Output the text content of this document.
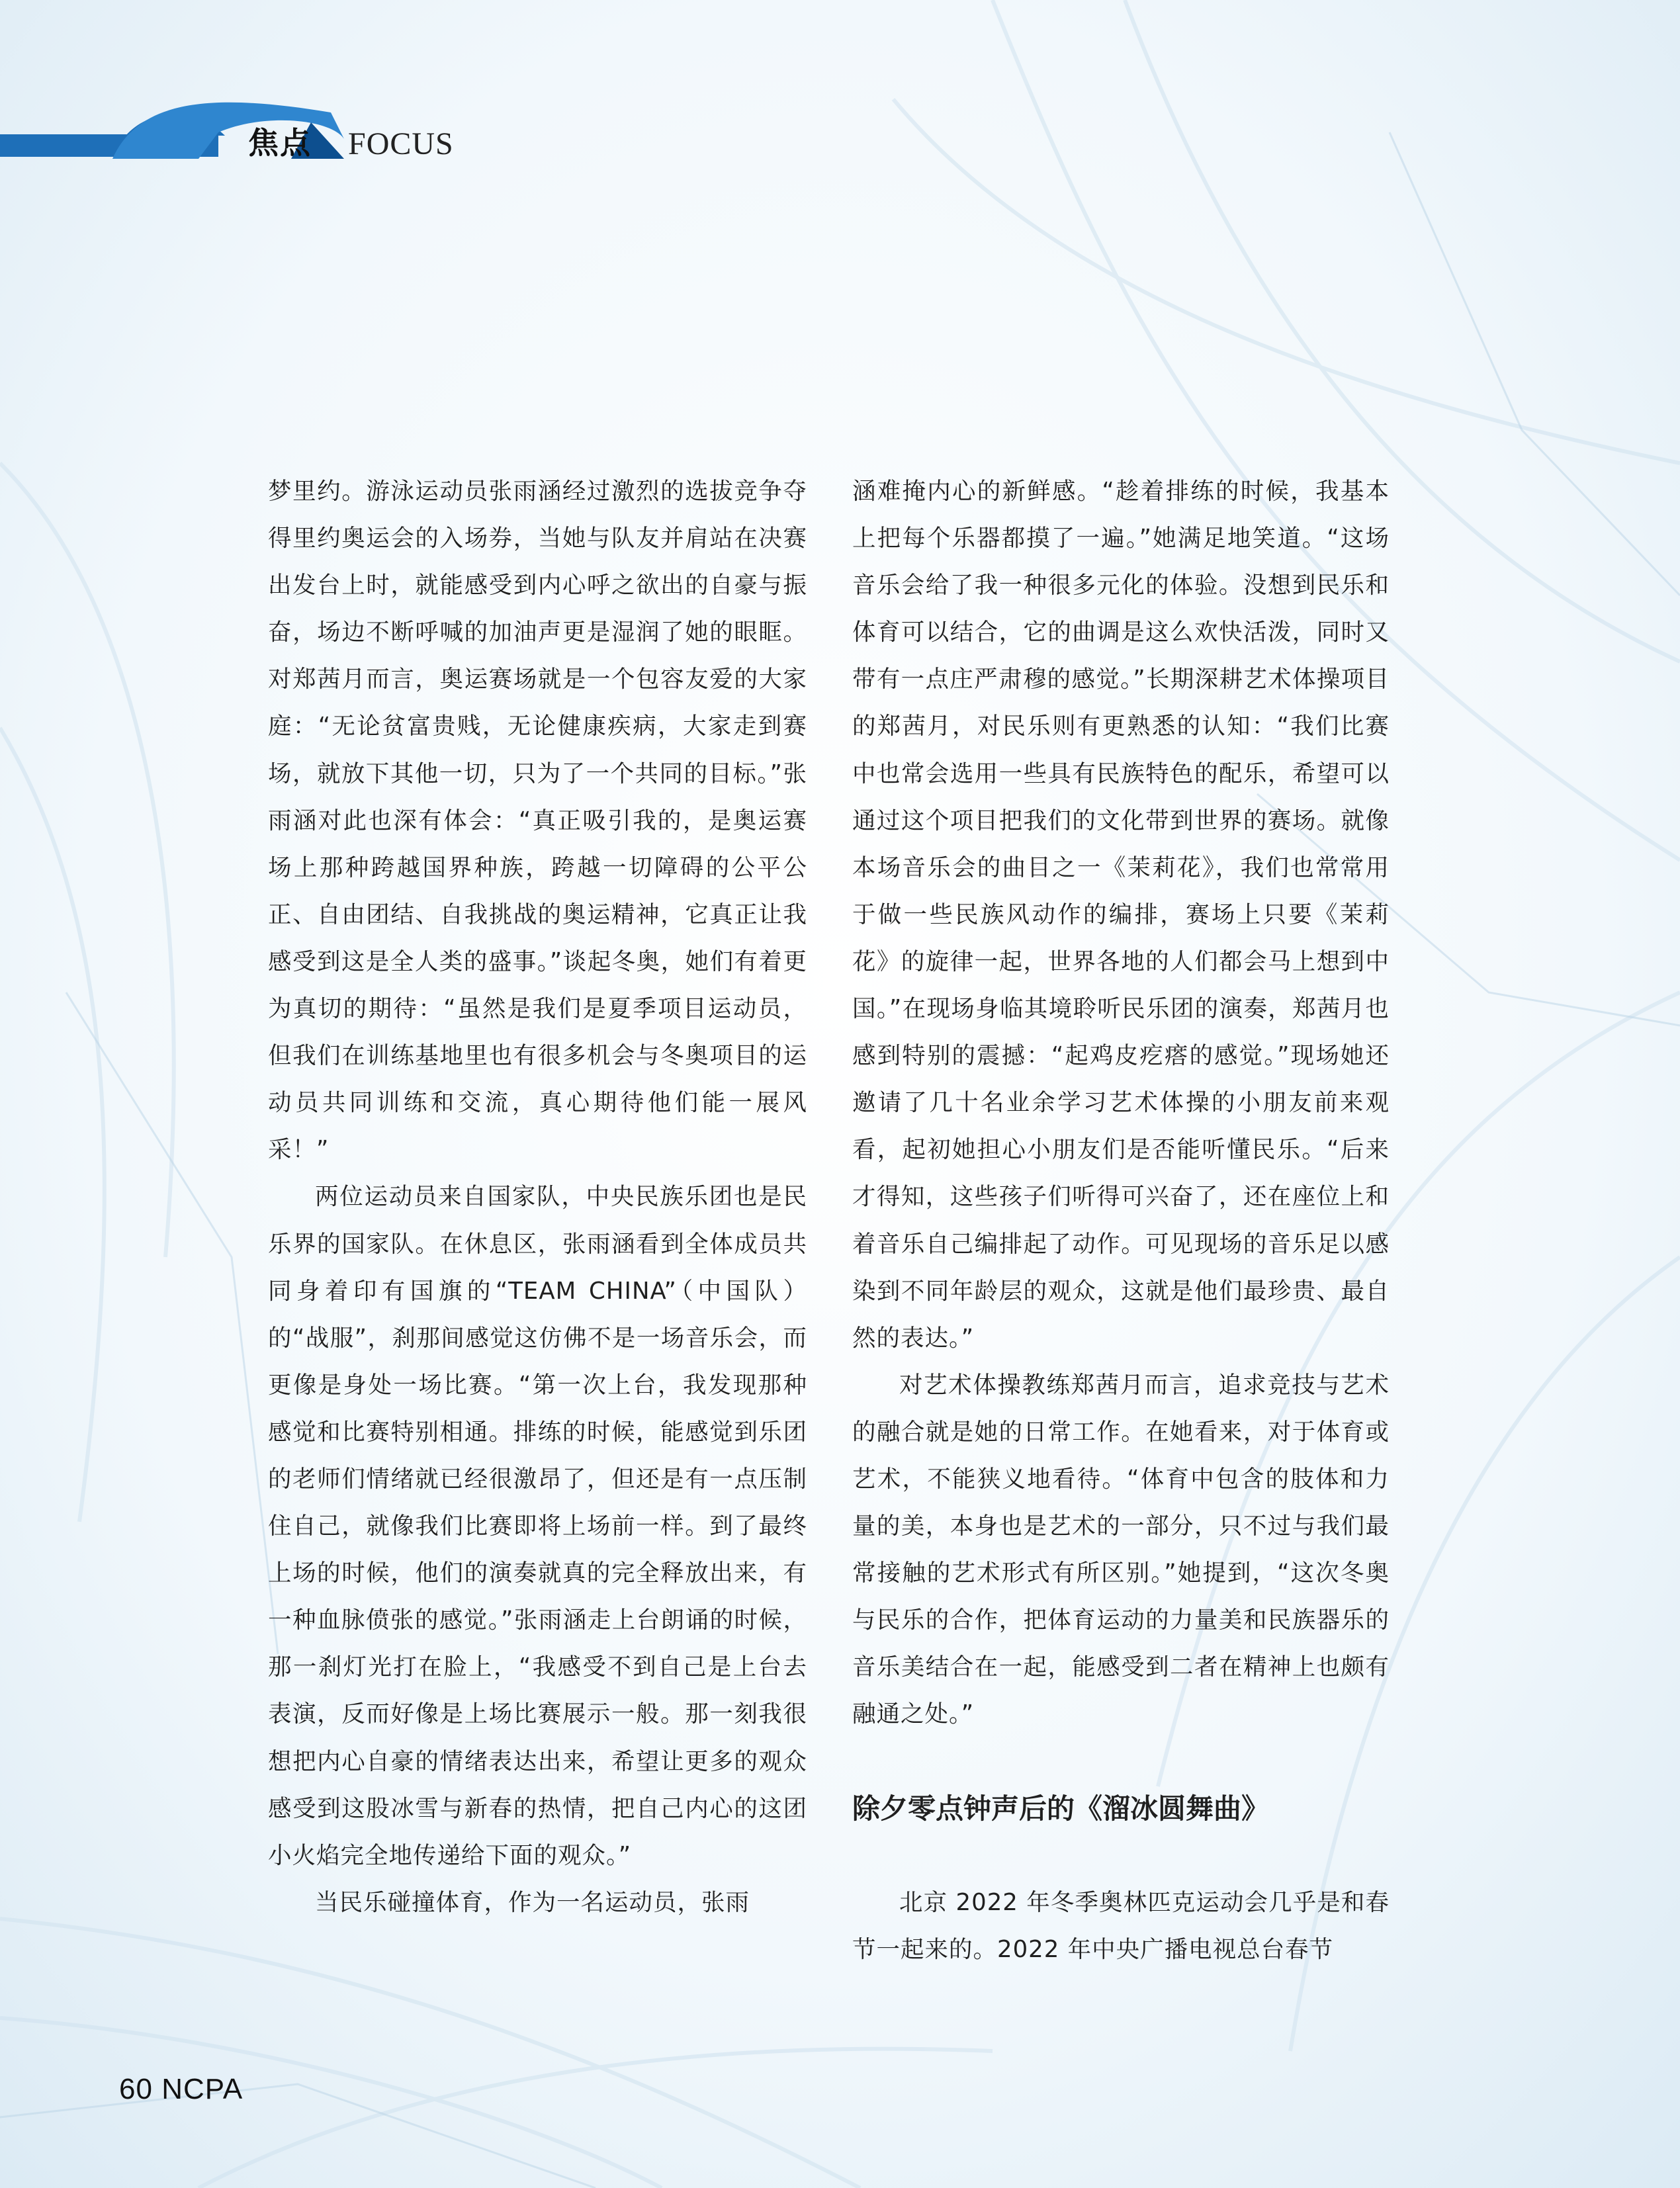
焦点 FOCUS

梦里约。游泳运动员张雨涵经过激烈的选拔竞争夺得里约奥运会的入场券，当她与队友并肩站在决赛出发台上时，就能感受到内心呼之欲出的自豪与振奋，场边不断呼喊的加油声更是湿润了她的眼眶。对郑茜月而言，奥运赛场就是一个包容友爱的大家庭：“无论贫富贵贱，无论健康疾病，大家走到赛场，就放下其他一切，只为了一个共同的目标。”张雨涵对此也深有体会：“真正吸引我的，是奥运赛场上那种跨越国界种族，跨越一切障碍的公平公正、自由团结、自我挑战的奥运精神，它真正让我感受到这是全人类的盛事。”谈起冬奥，她们有着更为真切的期待：“虽然是我们是夏季项目运动员，但我们在训练基地里也有很多机会与冬奥项目的运动员共同训练和交流，真心期待他们能一展风采！”

两位运动员来自国家队，中央民族乐团也是民乐界的国家队。在休息区，张雨涵看到全体成员共同身着印有国旗的“TEAM CHINA”（中国队）的“战服”，刹那间感觉这仿佛不是一场音乐会，而更像是身处一场比赛。“第一次上台，我发现那种感觉和比赛特别相通。排练的时候，能感觉到乐团的老师们情绪就已经很激昂了，但还是有一点压制住自己，就像我们比赛即将上场前一样。到了最终上场的时候，他们的演奏就真的完全释放出来，有一种血脉偾张的感觉。”张雨涵走上台朗诵的时候，那一刹灯光打在脸上，“我感受不到自己是上台去表演，反而好像是上场比赛展示一般。那一刻我很想把内心自豪的情绪表达出来，希望让更多的观众感受到这股冰雪与新春的热情，把自己内心的这团小火焰完全地传递给下面的观众。”

当民乐碰撞体育，作为一名运动员，张雨

涵难掩内心的新鲜感。“趁着排练的时候，我基本上把每个乐器都摸了一遍。”她满足地笑道。“这场音乐会给了我一种很多元化的体验。没想到民乐和体育可以结合，它的曲调是这么欢快活泼，同时又带有一点庄严肃穆的感觉。”长期深耕艺术体操项目的郑茜月，对民乐则有更熟悉的认知：“我们比赛中也常会选用一些具有民族特色的配乐，希望可以通过这个项目把我们的文化带到世界的赛场。就像本场音乐会的曲目之一《茉莉花》，我们也常常用于做一些民族风动作的编排，赛场上只要《茉莉花》的旋律一起，世界各地的人们都会马上想到中国。”在现场身临其境聆听民乐团的演奏，郑茜月也感到特别的震撼：“起鸡皮疙瘩的感觉。”现场她还邀请了几十名业余学习艺术体操的小朋友前来观看，起初她担心小朋友们是否能听懂民乐。“后来才得知，这些孩子们听得可兴奋了，还在座位上和着音乐自己编排起了动作。可见现场的音乐足以感染到不同年龄层的观众，这就是他们最珍贵、最自然的表达。”

对艺术体操教练郑茜月而言，追求竞技与艺术的融合就是她的日常工作。在她看来，对于体育或艺术，不能狭义地看待。“体育中包含的肢体和力量的美，本身也是艺术的一部分，只不过与我们最常接触的艺术形式有所区别。”她提到，“这次冬奥与民乐的合作，把体育运动的力量美和民族器乐的音乐美结合在一起，能感受到二者在精神上也颇有融通之处。”

除夕零点钟声后的《溜冰圆舞曲》

北京 2022 年冬季奥林匹克运动会几乎是和春节一起来的。2022 年中央广播电视总台春节

60 NCPA
